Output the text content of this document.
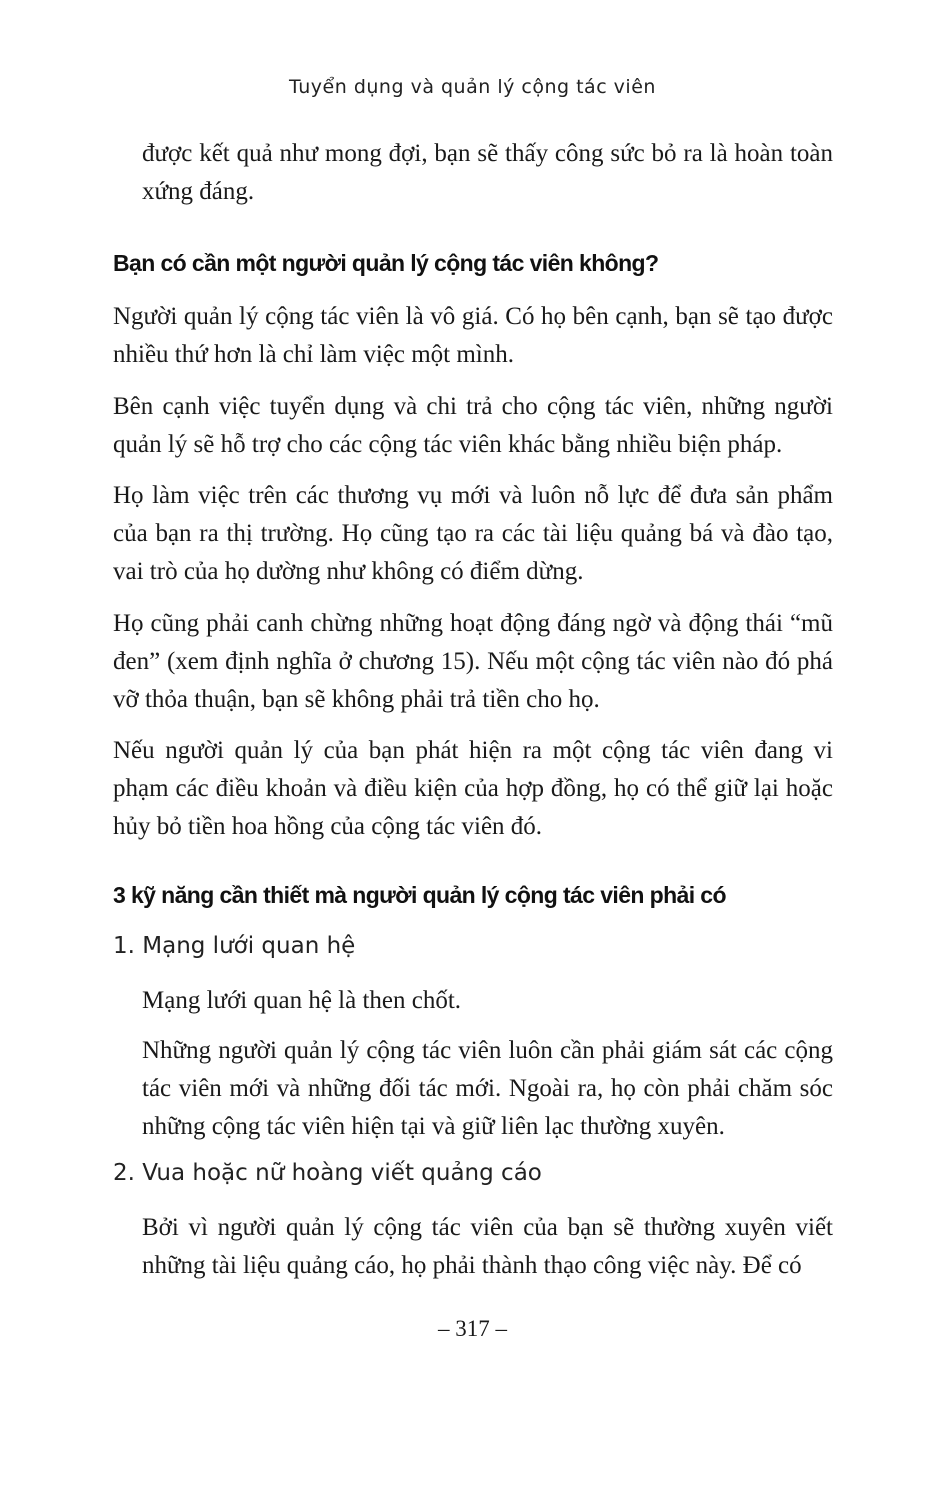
Tuyển dụng và quản lý cộng tác viên

được kết quả như mong đợi, bạn sẽ thấy công sức bỏ ra là hoàn toàn xứng đáng.

Bạn có cần một người quản lý cộng tác viên không?

Người quản lý cộng tác viên là vô giá. Có họ bên cạnh, bạn sẽ tạo được nhiều thứ hơn là chỉ làm việc một mình.

Bên cạnh việc tuyển dụng và chi trả cho cộng tác viên, những người quản lý sẽ hỗ trợ cho các cộng tác viên khác bằng nhiều biện pháp.

Họ làm việc trên các thương vụ mới và luôn nỗ lực để đưa sản phẩm của bạn ra thị trường. Họ cũng tạo ra các tài liệu quảng bá và đào tạo, vai trò của họ dường như không có điểm dừng.

Họ cũng phải canh chừng những hoạt động đáng ngờ và động thái “mũ đen” (xem định nghĩa ở chương 15). Nếu một cộng tác viên nào đó phá vỡ thỏa thuận, bạn sẽ không phải trả tiền cho họ.

Nếu người quản lý của bạn phát hiện ra một cộng tác viên đang vi phạm các điều khoản và điều kiện của hợp đồng, họ có thể giữ lại hoặc hủy bỏ tiền hoa hồng của cộng tác viên đó.

3 kỹ năng cần thiết mà người quản lý cộng tác viên phải có
1. Mạng lưới quan hệ

Mạng lưới quan hệ là then chốt.

Những người quản lý cộng tác viên luôn cần phải giám sát các cộng tác viên mới và những đối tác mới. Ngoài ra, họ còn phải chăm sóc những cộng tác viên hiện tại và giữ liên lạc thường xuyên.

2. Vua hoặc nữ hoàng viết quảng cáo

Bởi vì người quản lý cộng tác viên của bạn sẽ thường xuyên viết những tài liệu quảng cáo, họ phải thành thạo công việc này. Để có

– 317 –
